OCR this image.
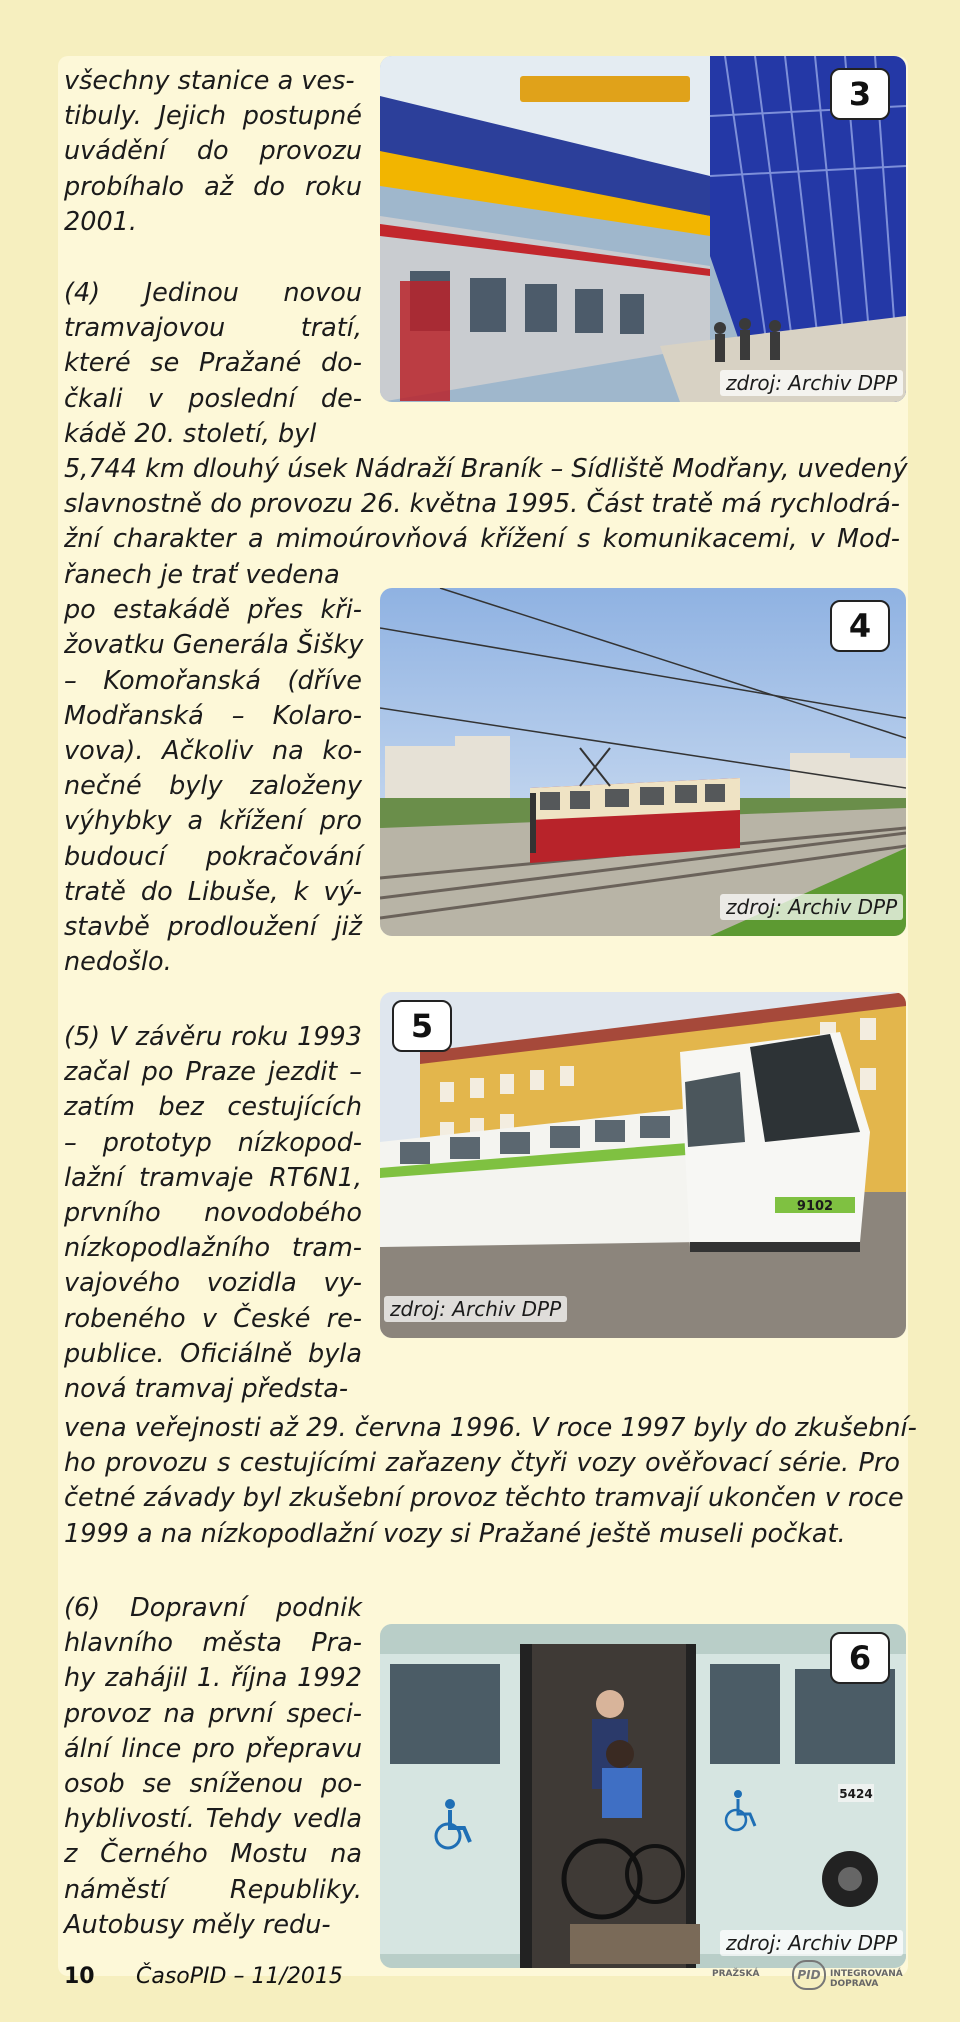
všechny stanice a ves-
tibuly. Jejich postupné
uvádění do provozu
probíhalo až do roku
2001.
(4) Jedinou novou
tramvajovou tratí,
které se Pražané do-
čkali v poslední de-
kádě 20. století, byl
5,744 km dlouhý úsek Nádraží Braník – Sídliště Modřany, uvedený
slavnostně do provozu 26. května 1995. Část tratě má rychlodrá-
žní charakter a mimoúrovňová křížení s komunikacemi, v Mod-
řanech je trať vedena
po estakádě přes kři-
žovatku Generála Šišky
– Komořanská (dříve
Modřanská – Kolaro-
vova). Ačkoliv na ko-
nečné byly založeny
výhybky a křížení pro
budoucí pokračování
tratě do Libuše, k vý-
stavbě prodloužení již
nedošlo.
(5) V závěru roku 1993
začal po Praze jezdit –
zatím bez cestujících
– prototyp nízkopod-
lažní tramvaje RT6N1,
prvního novodobého
nízkopodlažního tram-
vajového vozidla vy-
robeného v České re-
publice. Oficiálně byla
nová tramvaj předsta-
vena veřejnosti až 29. června 1996. V roce 1997 byly do zkušební-
ho provozu s cestujícími zařazeny čtyři vozy ověřovací série. Pro
četné závady byl zkušební provoz těchto tramvají ukončen v roce
1999 a na nízkopodlažní vozy si Pražané ještě museli počkat.
(6) Dopravní podnik
hlavního města Pra-
hy zahájil 1. října 1992
provoz na první speci-
ální lince pro přepravu
osob se sníženou po-
hyblivostí. Tehdy vedla
z Černého Mostu na
náměstí Republiky.
Autobusy měly redu-
3
zdroj: Archiv DPP
4
zdroj: Archiv DPP
9102
5
zdroj: Archiv DPP
5424
6
zdroj: Archiv DPP
10 ČasoPID – 11/2015	PRAŽSKÁ	PID	INTEGROVANÁ DOPRAVA
